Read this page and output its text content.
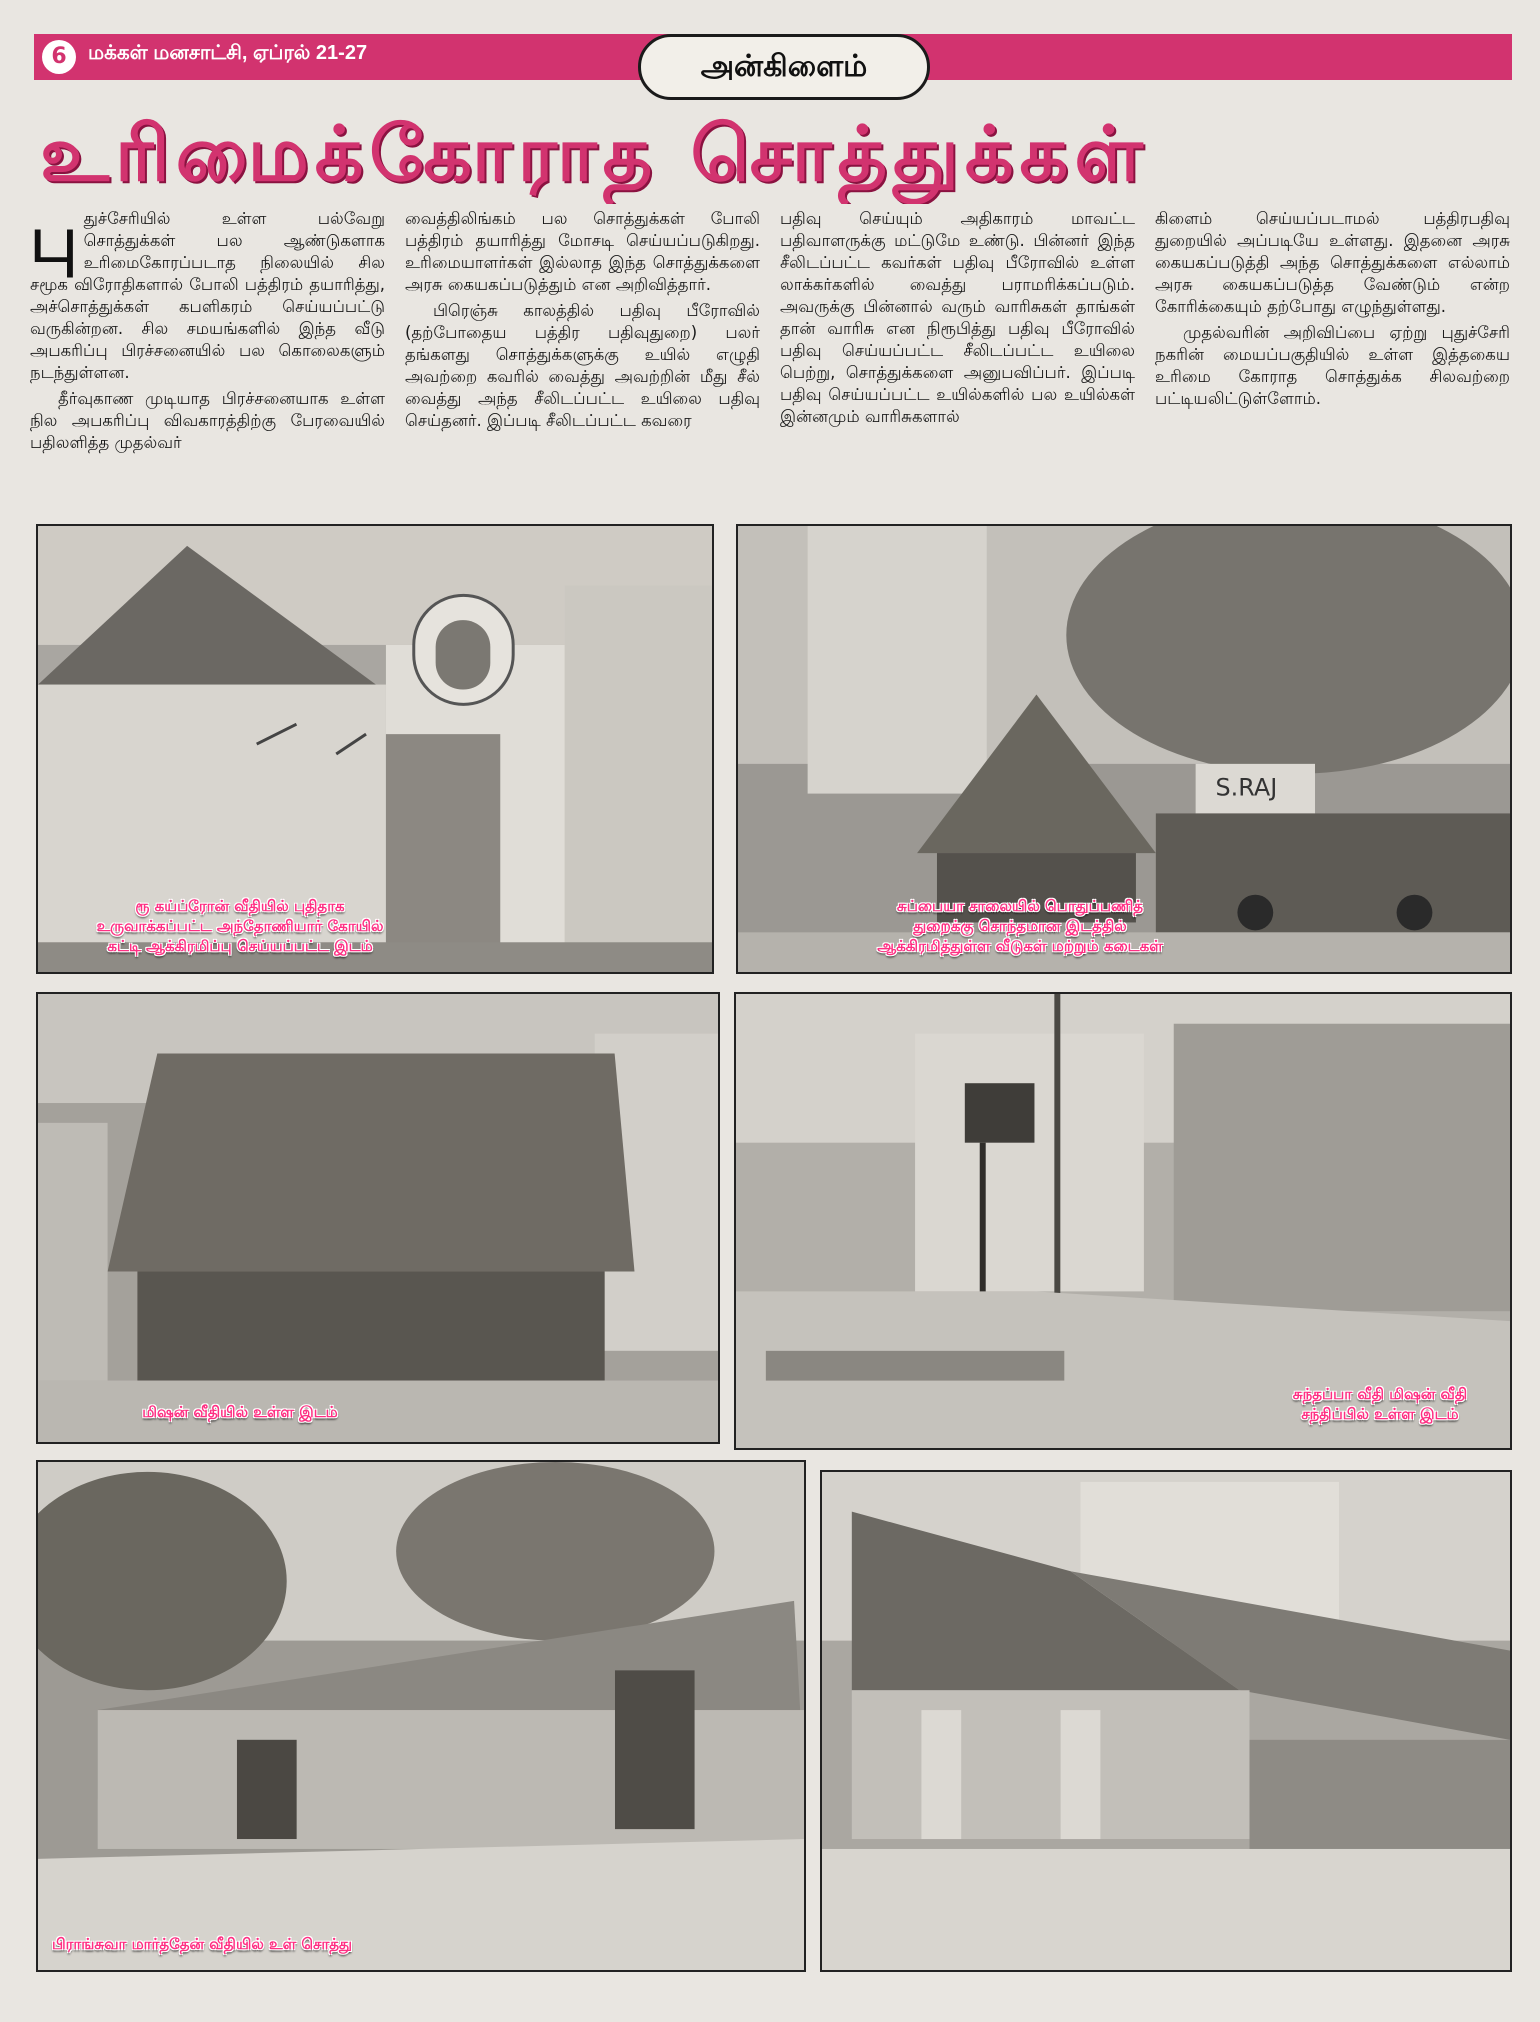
6	மக்கள் மனசாட்சி, ஏப்ரல் 21-27	அன்கிளைம்
உரிமைக்கோராத சொத்துக்கள்

புதுச்சேரியில் உள்ள பல்வேறு சொத்துக்கள் பல ஆண்டுகளாக உரிமைகோரப்படாத நிலையில் சில சமூக விரோதிகளால் போலி பத்திரம் தயாரித்து, அச்சொத்துக்கள் கபளிகரம் செய்யப்பட்டு வருகின்றன. சில சமயங்களில் இந்த வீடு அபகரிப்பு பிரச்சனையில் பல கொலைகளும் நடந்துள்ளன.

தீர்வுகாண முடியாத பிரச்சனையாக உள்ள நில அபகரிப்பு விவகாரத்திற்கு பேரவையில் பதிலளித்த முதல்வர்

வைத்திலிங்கம் பல சொத்துக்கள் போலி பத்திரம் தயாரித்து மோசடி செய்யப்படுகிறது. உரிமையாளர்கள் இல்லாத இந்த சொத்துக்களை அரசு கையகப்படுத்தும் என அறிவித்தார்.

பிரெஞ்சு காலத்தில் பதிவு பீரோவில் (தற்போதைய பத்திர பதிவுதுறை) பலர் தங்களது சொத்துக்களுக்கு உயில் எழுதி அவற்றை கவரில் வைத்து அவற்றின் மீது சீல் வைத்து அந்த சீலிடப்பட்ட உயிலை பதிவு செய்தனர். இப்படி சீலிடப்பட்ட கவரை

பதிவு செய்யும் அதிகாரம் மாவட்ட பதிவாளருக்கு மட்டுமே உண்டு. பின்னர் இந்த சீலிடப்பட்ட கவர்கள் பதிவு பீரோவில் உள்ள லாக்கர்களில் வைத்து பராமரிக்கப்படும். அவருக்கு பின்னால் வரும் வாரிசுகள் தாங்கள் தான் வாரிசு என நிரூபித்து பதிவு பீரோவில் பதிவு செய்யப்பட்ட சீலிடப்பட்ட உயிலை பெற்று, சொத்துக்களை அனுபவிப்பர். இப்படி பதிவு செய்யப்பட்ட உயில்களில் பல உயில்கள் இன்னமும் வாரிசுகளால்

கிளைம் செய்யப்படாமல் பத்திரபதிவு துறையில் அப்படியே உள்ளது. இதனை அரசு கையகப்படுத்தி அந்த சொத்துக்களை எல்லாம் அரசு கையகப்படுத்த வேண்டும் என்ற கோரிக்கையும் தற்போது எழுந்துள்ளது.

முதல்வரின் அறிவிப்பை ஏற்று புதுச்சேரி நகரின் மையப்பகுதியில் உள்ள இத்தகைய உரிமை கோராத சொத்துக்க சிலவற்றை பட்டியலிட்டுள்ளோம்.

ரூ கய்ப்ரோன் வீதியில் புதிதாக
உருவாக்கப்பட்ட அந்தோணியார் கோயில்
கட்டி ஆக்கிரமிப்பு செய்யப்பட்ட இடம்
S.RAJ
சுப்பையா சாலையில் பொதுப்பணித்
துறைக்கு சொந்தமான இடத்தில்
ஆக்கிரமித்துள்ள வீடுகள் மற்றும் கடைகள்
மிஷன் வீதியில் உள்ள இடம்
சுந்தப்பா வீதி மிஷன் வீதி
சந்திப்பில் உள்ள இடம்
பிராங்சுவா மார்த்தேன் வீதியில் உள் சொத்து
